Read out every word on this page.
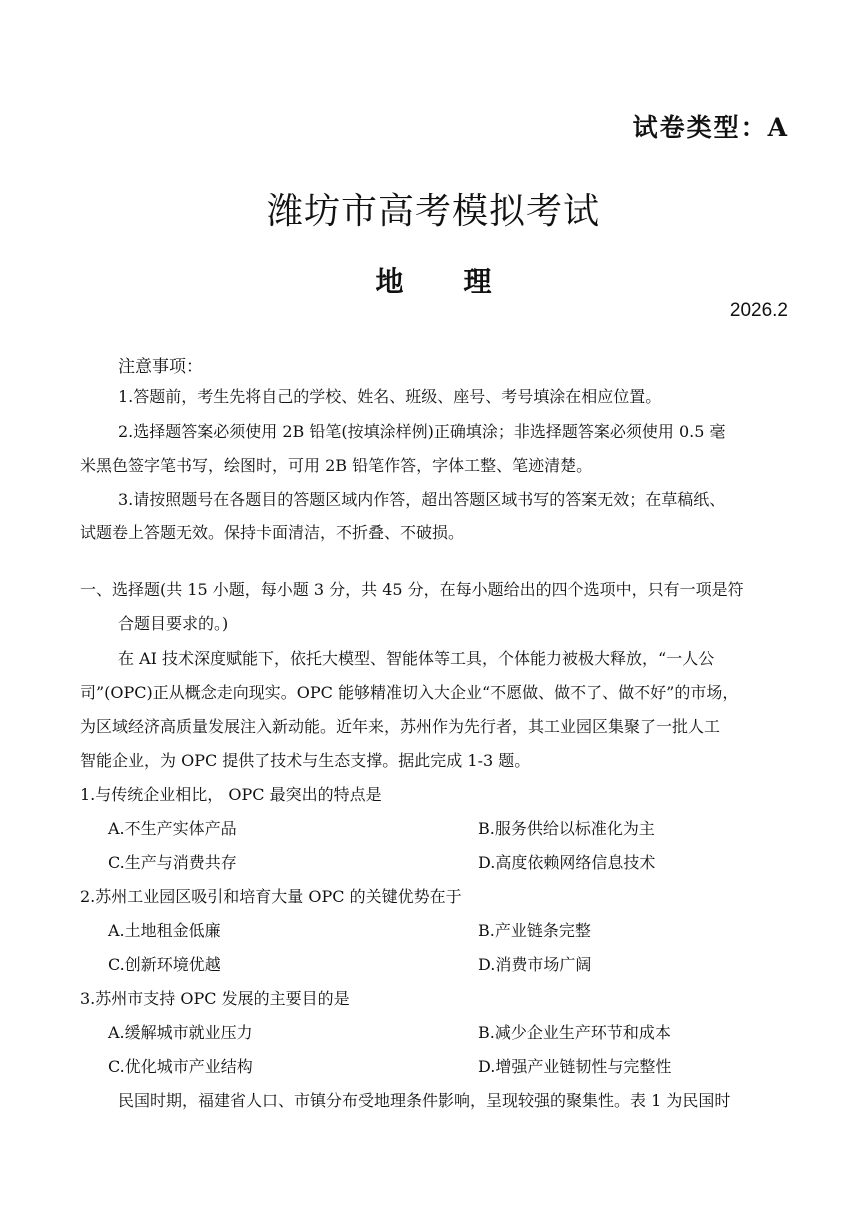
试卷类型：A
潍坊市高考模拟考试
地理
2026.2
注意事项：
1.答题前，考生先将自己的学校、姓名、班级、座号、考号填涂在相应位置。
2.选择题答案必须使用 2B 铅笔(按填涂样例)正确填涂；非选择题答案必须使用 0.5 毫
米黑色签字笔书写，绘图时，可用 2B 铅笔作答，字体工整、笔迹清楚。
3.请按照题号在各题目的答题区域内作答，超出答题区域书写的答案无效；在草稿纸、
试题卷上答题无效。保持卡面清洁，不折叠、不破损。
一、选择题(共 15 小题，每小题 3 分，共 45 分，在每小题给出的四个选项中，只有一项是符
合题目要求的。)
在 AI 技术深度赋能下，依托大模型、智能体等工具，个体能力被极大释放，“一人公
司”(OPC)正从概念走向现实。OPC 能够精准切入大企业“不愿做、做不了、做不好”的市场，
为区域经济高质量发展注入新动能。近年来，苏州作为先行者，其工业园区集聚了一批人工
智能企业，为 OPC 提供了技术与生态支撑。据此完成 1-3 题。
1.与传统企业相比， OPC 最突出的特点是
A.不生产实体产品	B.服务供给以标准化为主
C.生产与消费共存	D.高度依赖网络信息技术
2.苏州工业园区吸引和培育大量 OPC 的关键优势在于
A.土地租金低廉	B.产业链条完整
C.创新环境优越	D.消费市场广阔
3.苏州市支持 OPC 发展的主要目的是
A.缓解城市就业压力	B.减少企业生产环节和成本
C.优化城市产业结构	D.增强产业链韧性与完整性
民国时期，福建省人口、市镇分布受地理条件影响，呈现较强的聚集性。表 1 为民国时
